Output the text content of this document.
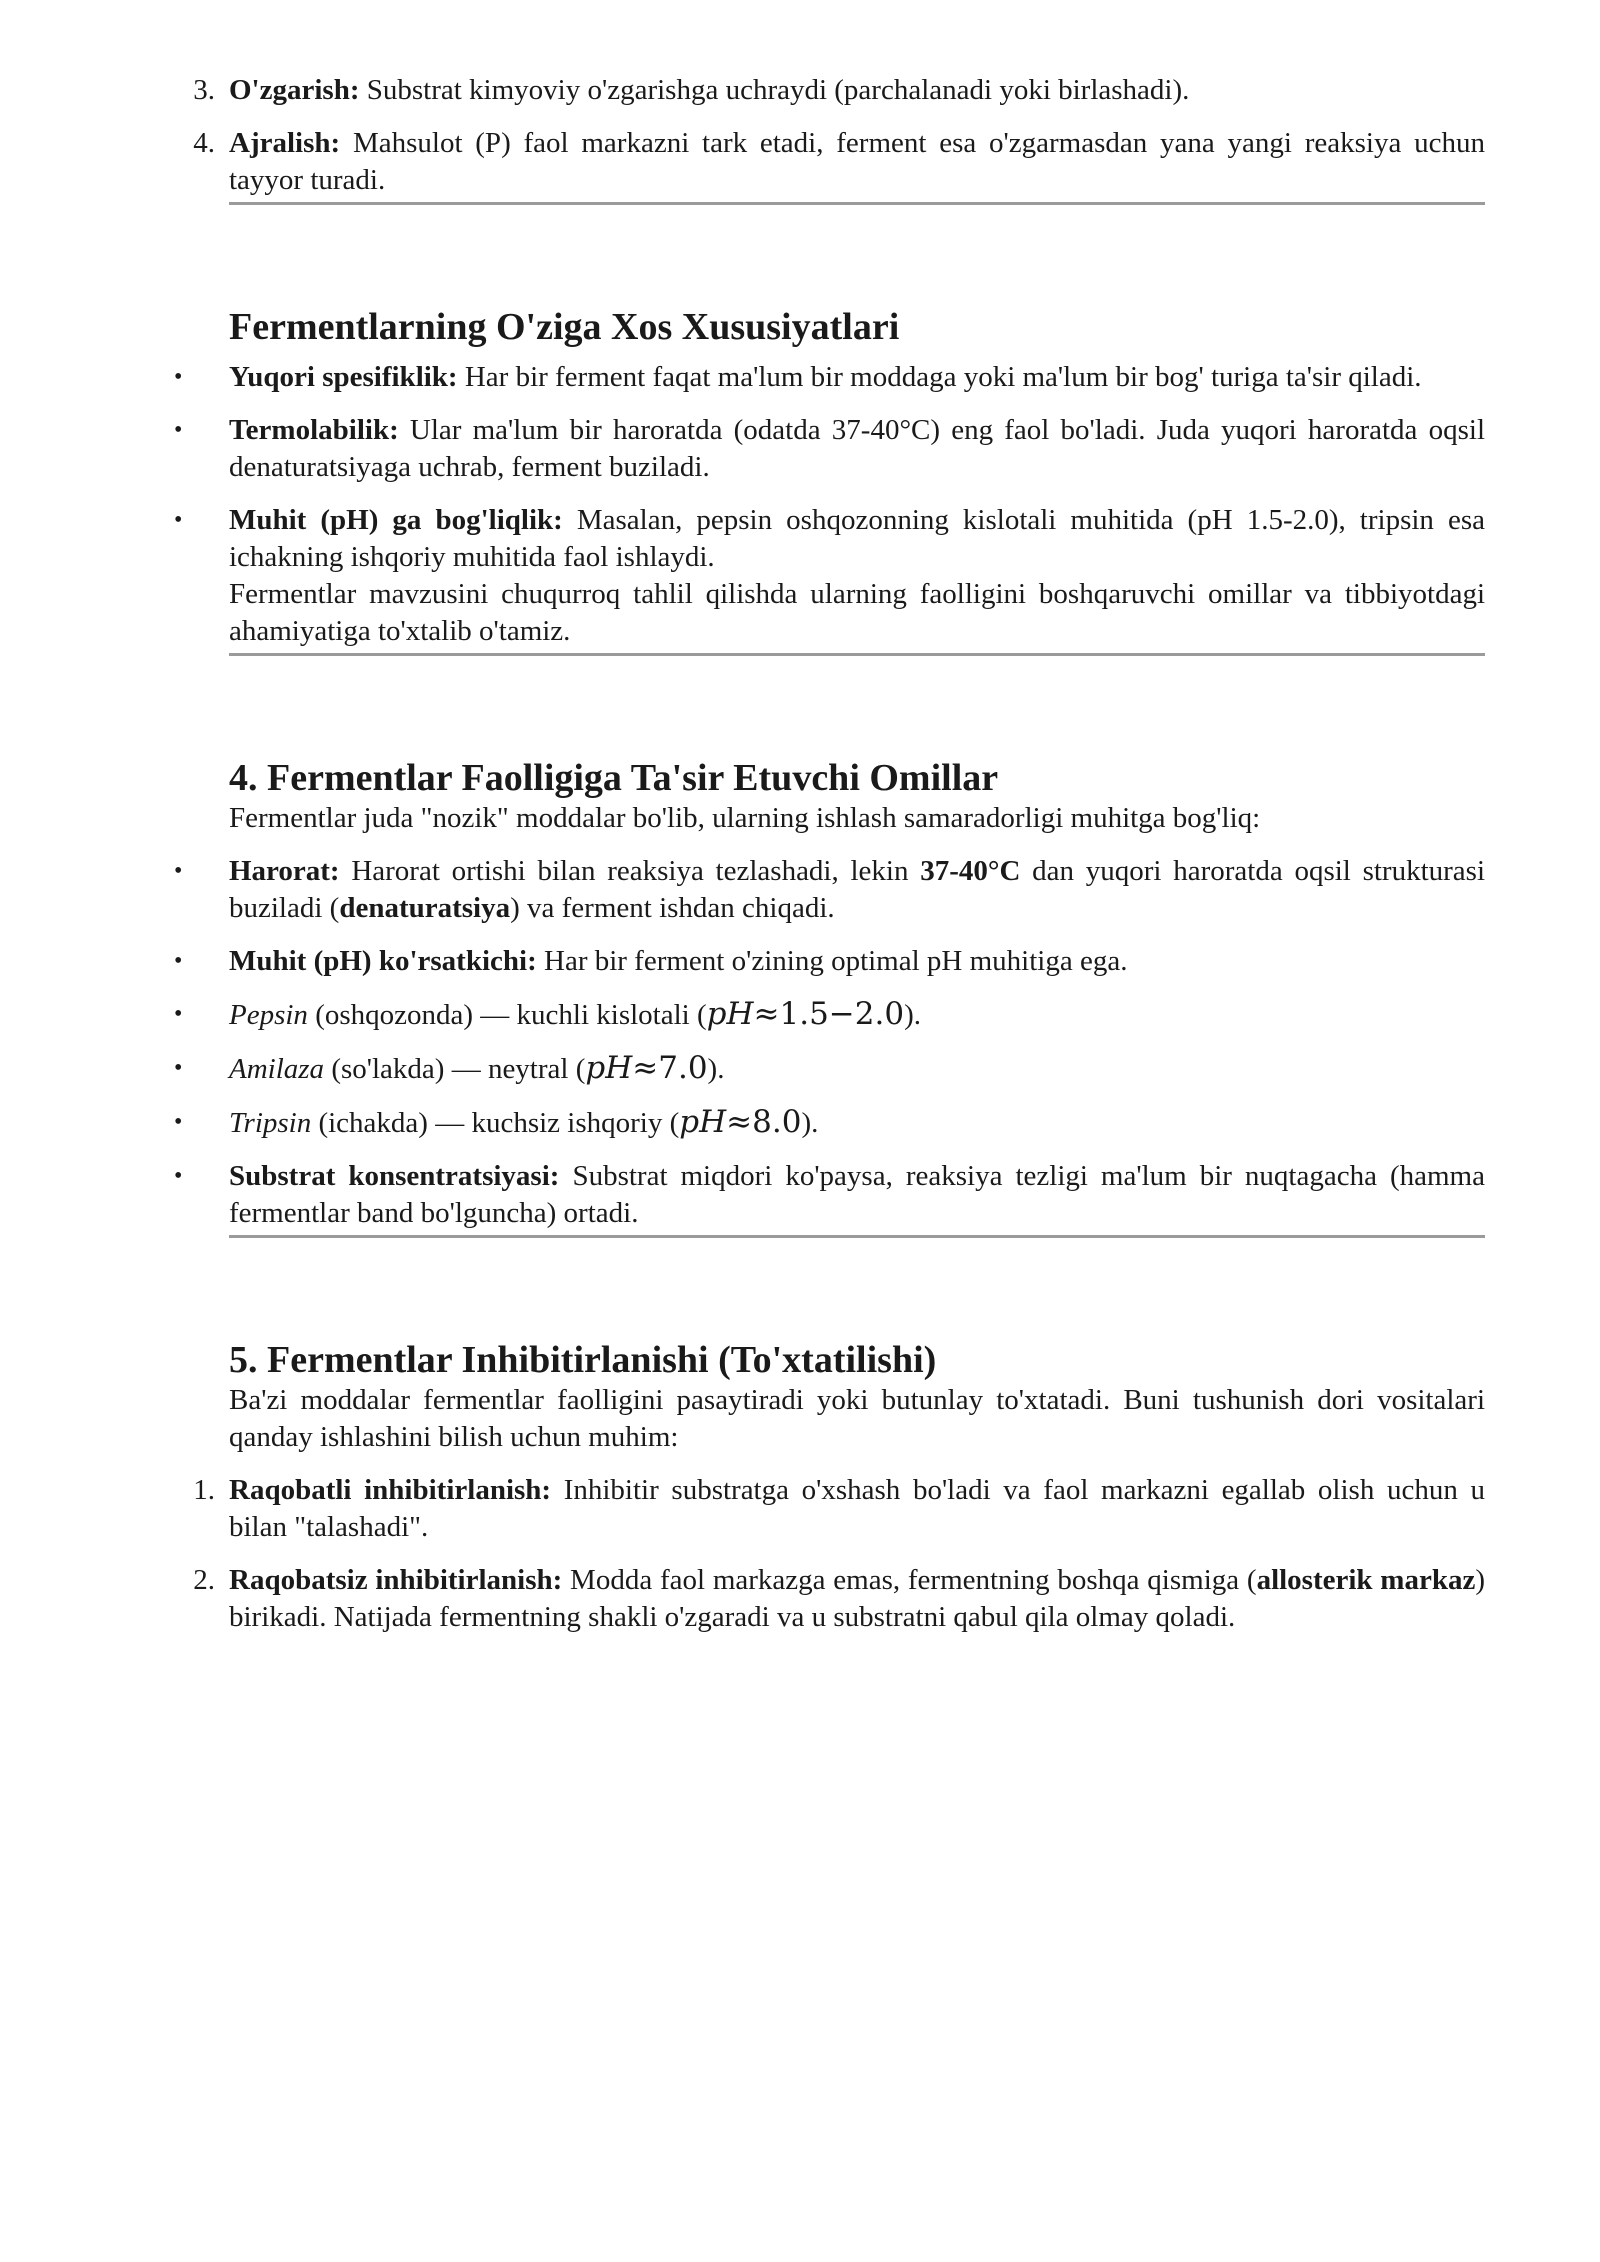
3. O'zgarish: Substrat kimyoviy o'zgarishga uchraydi (parchalanadi yoki birlashadi).
4. Ajralish: Mahsulot (P) faol markazni tark etadi, ferment esa o'zgarmasdan yana yangi reaksiya uchun tayyor turadi.
Fermentlarning O'ziga Xos Xususiyatlari
• Yuqori spesifiklik: Har bir ferment faqat ma'lum bir moddaga yoki ma'lum bir bog' turiga ta'sir qiladi.
• Termolabilik: Ular ma'lum bir haroratda (odatda 37-40°C) eng faol bo'ladi. Juda yuqori haroratda oqsil denaturatsiyaga uchrab, ferment buziladi.
• Muhit (pH) ga bog'liqlik: Masalan, pepsin oshqozonning kislotali muhitida (pH 1.5-2.0), tripsin esa ichakning ishqoriy muhitida faol ishlaydi.
Fermentlar mavzusini chuqurroq tahlil qilishda ularning faolligini boshqaruvchi omillar va tibbiyotdagi ahamiyatiga to'xtalib o'tamiz.
4. Fermentlar Faolligiga Ta'sir Etuvchi Omillar

Fermentlar juda "nozik" moddalar bo'lib, ularning ishlash samaradorligi muhitga bog'liq:

• Harorat: Harorat ortishi bilan reaksiya tezlashadi, lekin 37-40°C dan yuqori haroratda oqsil strukturasi buziladi (denaturatsiya) va ferment ishdan chiqadi.
• Muhit (pH) ko'rsatkichi: Har bir ferment o'zining optimal pH muhitiga ega.
• Pepsin (oshqozonda) — kuchli kislotali (pH≈1.5−2.0).
• Amilaza (so'lakda) — neytral (pH≈7.0).
• Tripsin (ichakda) — kuchsiz ishqoriy (pH≈8.0).
• Substrat konsentratsiyasi: Substrat miqdori ko'paysa, reaksiya tezligi ma'lum bir nuqtagacha (hamma fermentlar band bo'lguncha) ortadi.
5. Fermentlar Inhibitirlanishi (To'xtatilishi)

Ba'zi moddalar fermentlar faolligini pasaytiradi yoki butunlay to'xtatadi. Buni tushunish dori vositalari qanday ishlashini bilish uchun muhim:

1. Raqobatli inhibitirlanish: Inhibitir substratga o'xshash bo'ladi va faol markazni egallab olish uchun u bilan "talashadi".
2. Raqobatsiz inhibitirlanish: Modda faol markazga emas, fermentning boshqa qismiga (allosterik markaz) birikadi. Natijada fermentning shakli o'zgaradi va u substratni qabul qila olmay qoladi.
